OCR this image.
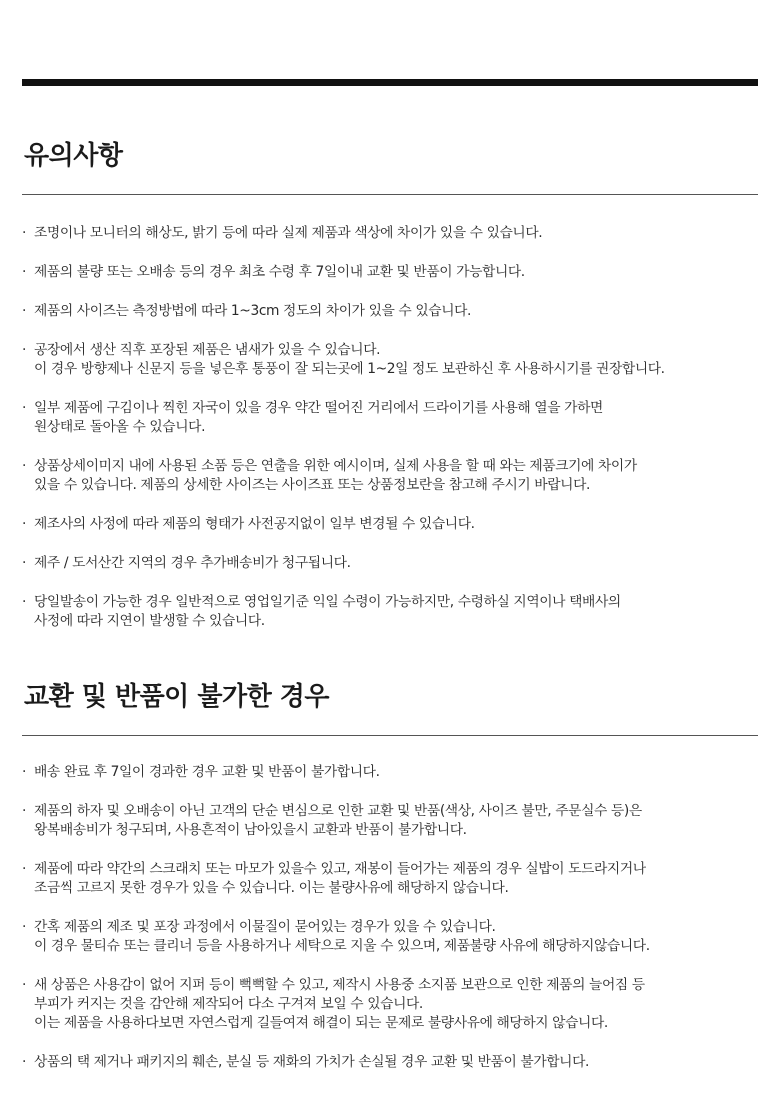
유의사항
· 조명이나 모니터의 해상도, 밝기 등에 따라 실제 제품과 색상에 차이가 있을 수 있습니다.
· 제품의 불량 또는 오배송 등의 경우 최초 수령 후 7일이내 교환 및 반품이 가능합니다.
· 제품의 사이즈는 측정방법에 따라 1~3cm 정도의 차이가 있을 수 있습니다.
· 공장에서 생산 직후 포장된 제품은 냄새가 있을 수 있습니다.
이 경우 방향제나 신문지 등을 넣은후 통풍이 잘 되는곳에 1~2일 정도 보관하신 후 사용하시기를 권장합니다.
· 일부 제품에 구김이나 찍힌 자국이 있을 경우 약간 떨어진 거리에서 드라이기를 사용해 열을 가하면
원상태로 돌아올 수 있습니다.
· 상품상세이미지 내에 사용된 소품 등은 연출을 위한 예시이며, 실제 사용을 할 때 와는 제품크기에 차이가
있을 수 있습니다. 제품의 상세한 사이즈는 사이즈표 또는 상품정보란을 참고해 주시기 바랍니다.
· 제조사의 사정에 따라 제품의 형태가 사전공지없이 일부 변경될 수 있습니다.
· 제주 / 도서산간 지역의 경우 추가배송비가 청구됩니다.
· 당일발송이 가능한 경우 일반적으로 영업일기준 익일 수령이 가능하지만, 수령하실 지역이나 택배사의
사정에 따라 지연이 발생할 수 있습니다.
교환 및 반품이 불가한 경우
· 배송 완료 후 7일이 경과한 경우 교환 및 반품이 불가합니다.
· 제품의 하자 및 오배송이 아닌 고객의 단순 변심으로 인한 교환 및 반품(색상, 사이즈 불만, 주문실수 등)은
왕복배송비가 청구되며, 사용흔적이 남아있을시 교환과 반품이 불가합니다.
· 제품에 따라 약간의 스크래치 또는 마모가 있을수 있고, 재봉이 들어가는 제품의 경우 실밥이 도드라지거나
조금씩 고르지 못한 경우가 있을 수 있습니다. 이는 불량사유에 해당하지 않습니다.
· 간혹 제품의 제조 및 포장 과정에서 이물질이 묻어있는 경우가 있을 수 있습니다.
이 경우 물티슈 또는 클리너 등을 사용하거나 세탁으로 지울 수 있으며, 제품불량 사유에 해당하지않습니다.
· 새 상품은 사용감이 없어 지퍼 등이 뻑뻑할 수 있고, 제작시 사용중 소지품 보관으로 인한 제품의 늘어짐 등
부피가 커지는 것을 감안해 제작되어 다소 구겨져 보일 수 있습니다.
이는 제품을 사용하다보면 자연스럽게 길들여져 해결이 되는 문제로 불량사유에 해당하지 않습니다.
· 상품의 택 제거나 패키지의 훼손, 분실 등 재화의 가치가 손실될 경우 교환 및 반품이 불가합니다.
